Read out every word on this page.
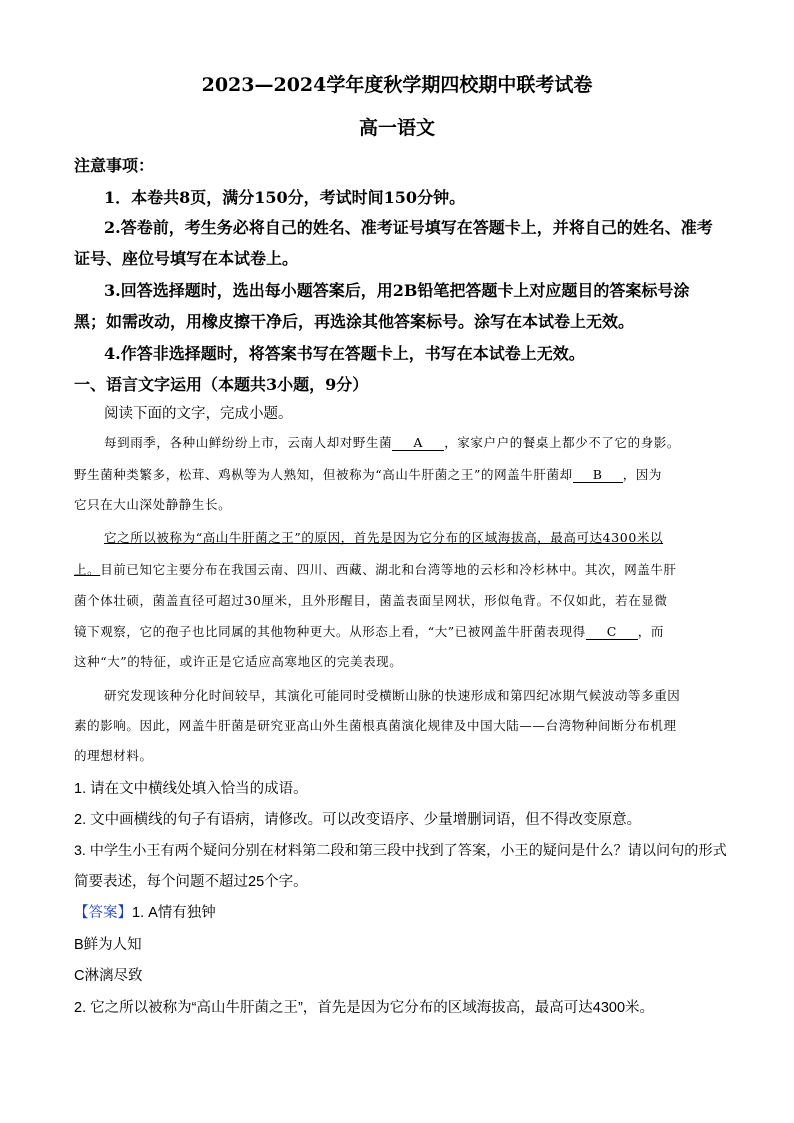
2023—2024学年度秋学期四校期中联考试卷
高一语文
注意事项：
1．本卷共8页，满分150分，考试时间150分钟。
2.答卷前，考生务必将自己的姓名、准考证号填写在答题卡上，并将自己的姓名、准考
证号、座位号填写在本试卷上。
3.回答选择题时，选出每小题答案后，用2B铅笔把答题卡上对应题目的答案标号涂
黑；如需改动，用橡皮擦干净后，再选涂其他答案标号。涂写在本试卷上无效。
4.作答非选择题时，将答案书写在答题卡上，书写在本试卷上无效。
一、语言文字运用（本题共3小题，9分）
阅读下面的文字，完成小题。
每到雨季，各种山鲜纷纷上市，云南人却对野生菌 A ，家家户户的餐桌上都少不了它的身影。
野生菌种类繁多，松茸、鸡枞等为人熟知，但被称为“高山牛肝菌之王”的网盖牛肝菌却 B ，因为
它只在大山深处静静生长。
它之所以被称为“高山牛肝菌之王”的原因，首先是因为它分布的区域海拔高，最高可达4300米以
上。目前已知它主要分布在我国云南、四川、西藏、湖北和台湾等地的云杉和冷杉林中。其次，网盖牛肝
菌个体壮硕，菌盖直径可超过30厘米，且外形醒目，菌盖表面呈网状，形似龟背。不仅如此，若在显微
镜下观察，它的孢子也比同属的其他物种更大。从形态上看，“大”已被网盖牛肝菌表现得 C ，而
这种“大”的特征，或许正是它适应高寒地区的完美表现。
研究发现该种分化时间较早，其演化可能同时受横断山脉的快速形成和第四纪冰期气候波动等多重因
素的影响。因此，网盖牛肝菌是研究亚高山外生菌根真菌演化规律及中国大陆——台湾物种间断分布机理
的理想材料。
1. 请在文中横线处填入恰当的成语。
2. 文中画横线的句子有语病，请修改。可以改变语序、少量增删词语，但不得改变原意。
3. 中学生小王有两个疑问分别在材料第二段和第三段中找到了答案，小王的疑问是什么？请以问句的形式
简要表述，每个问题不超过25个字。
【答案】1. A情有独钟
B鲜为人知
C淋漓尽致
2. 它之所以被称为“高山牛肝菌之王”，首先是因为它分布的区域海拔高，最高可达4300米。
